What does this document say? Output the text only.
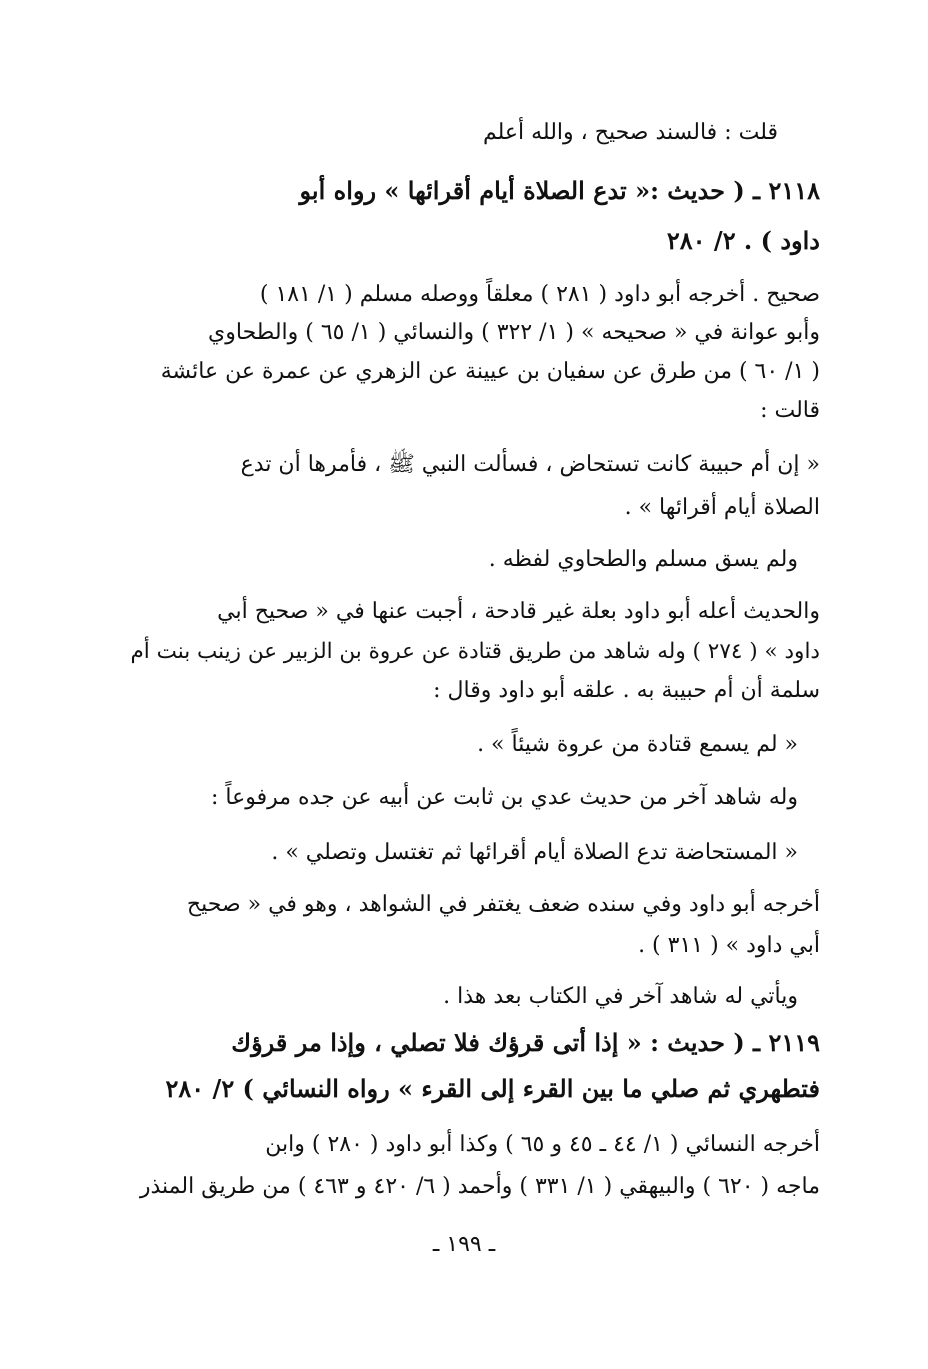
قلت : فالسند صحيح ، والله أعلم
٢١١٨ ـ ( حديث :« تدع الصلاة أيام أقرائها » رواه أبو
داود ) . ٢/ ٢٨٠
صحيح . أخرجه أبو داود ( ٢٨١ ) معلقاً ووصله مسلم ( ١/ ١٨١ )
وأبو عوانة في « صحيحه » ( ١/ ٣٢٢ ) والنسائي ( ١/ ٦٥ ) والطحاوي
( ١/ ٦٠ ) من طرق عن سفيان بن عيينة عن الزهري عن عمرة عن عائشة
قالت :
« إن أم حبيبة كانت تستحاض ، فسألت النبي ﷺ ، فأمرها أن تدع
الصلاة أيام أقرائها » .
ولم يسق مسلم والطحاوي لفظه .
والحديث أعله أبو داود بعلة غير قادحة ، أجبت عنها في « صحيح أبي
داود » ( ٢٧٤ ) وله شاهد من طريق قتادة عن عروة بن الزبير عن زينب بنت أم
سلمة أن أم حبيبة به . علقه أبو داود وقال :
« لم يسمع قتادة من عروة شيئاً » .
وله شاهد آخر من حديث عدي بن ثابت عن أبيه عن جده مرفوعاً :
« المستحاضة تدع الصلاة أيام أقرائها ثم تغتسل وتصلي » .
أخرجه أبو داود وفي سنده ضعف يغتفر في الشواهد ، وهو في « صحيح
أبي داود » ( ٣١١ ) .
ويأتي له شاهد آخر في الكتاب بعد هذا .
٢١١٩ ـ ( حديث : « إذا أتى قرؤك فلا تصلي ، وإذا مر قرؤك
فتطهري ثم صلي ما بين القرء إلى القرء » رواه النسائي ) ٢/ ٢٨٠
أخرجه النسائي ( ١/ ٤٤ ـ ٤٥ و ٦٥ ) وكذا أبو داود ( ٢٨٠ ) وابن
ماجه ( ٦٢٠ ) والبيهقي ( ١/ ٣٣١ ) وأحمد ( ٦/ ٤٢٠ و ٤٦٣ ) من طريق المنذر
ـ ١٩٩ ـ
